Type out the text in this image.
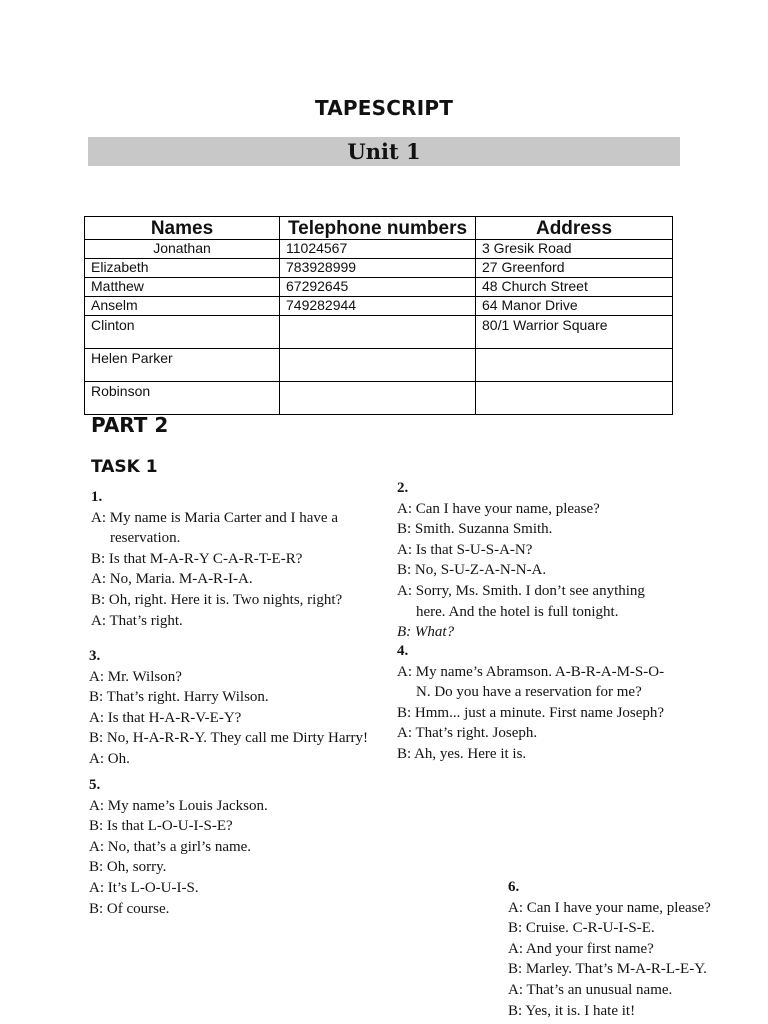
TAPESCRIPT
Unit 1
Names	Telephone numbers	Address
Jonathan	11024567	3 Gresik Road
Elizabeth	783928999	27 Greenford
Matthew	67292645	48 Church Street
Anselm	749282944	64 Manor Drive
Clinton		80/1 Warrior Square
Helen Parker		
Robinson		
PART 2
TASK 1
1.
A: My name is Maria Carter and I have a
reservation.
B: Is that M-A-R-Y C-A-R-T-E-R?
A: No, Maria. M-A-R-I-A.
B: Oh, right. Here it is. Two nights, right?
A: That’s right.
2.
A: Can I have your name, please?
B: Smith. Suzanna Smith.
A: Is that S-U-S-A-N?
B: No, S-U-Z-A-N-N-A.
A: Sorry, Ms. Smith. I don’t see anything
here. And the hotel is full tonight.
B: What?
3.
A: Mr. Wilson?
B: That’s right. Harry Wilson.
A: Is that H-A-R-V-E-Y?
B: No, H-A-R-R-Y. They call me Dirty Harry!
A: Oh.
4.
A: My name’s Abramson. A-B-R-A-M-S-O-
N. Do you have a reservation for me?
B: Hmm... just a minute. First name Joseph?
A: That’s right. Joseph.
B: Ah, yes. Here it is.
5.
A: My name’s Louis Jackson.
B: Is that L-O-U-I-S-E?
A: No, that’s a girl’s name.
B: Oh, sorry.
A: It’s L-O-U-I-S.
B: Of course.
6.
A: Can I have your name, please?
B: Cruise. C-R-U-I-S-E.
A: And your first name?
B: Marley. That’s M-A-R-L-E-Y.
A: That’s an unusual name.
B: Yes, it is. I hate it!
